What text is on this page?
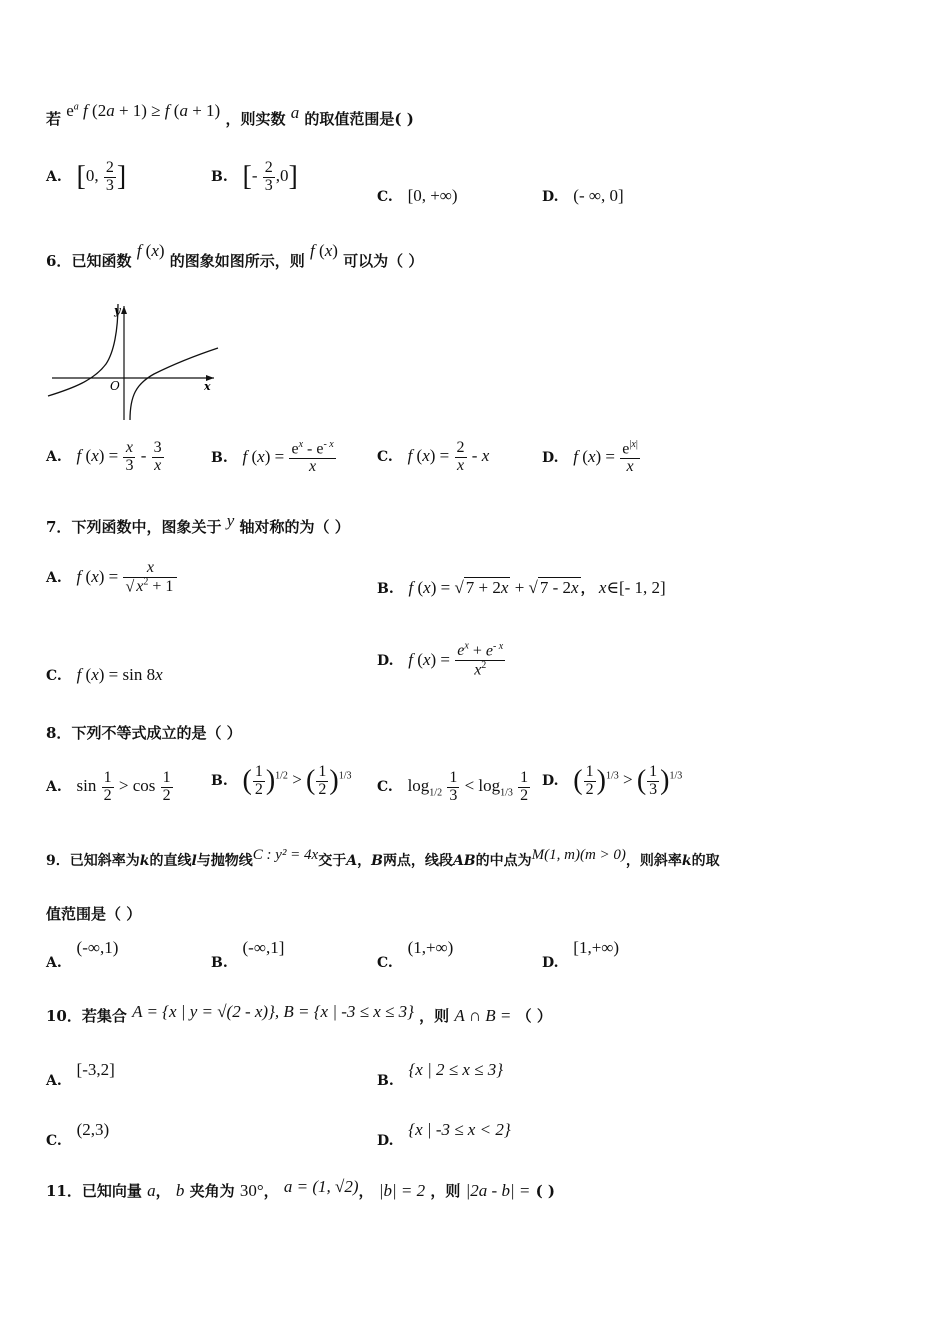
若 $e^a$ f (2a + 1) ≥ f (a + 1) ，则实数 a 的取值范围是( )
A. [0, $\frac{2}{3}$ ]	B. [- $\frac{2}{3} ,0$]
C. [0, +∞)	D. (- ∞, 0]
6．已知函数 f (x) 的图象如图所示，则 f (x) 可以为（ ）
y
x
O
A. f $(x) = \frac{x}{3} - \frac{3}{x}$	B. f $(x) = \frac{e^x - e^{- x}}{x}$	C. f $(x) = \frac{2}{x} - x$	D. f $(x) = \frac{e^{|x|}}{x}$
7．下列函数中，图象关于 y 轴对称的为（ ）
A. f $(x) = \frac{x}{√ x^2 + 1}$	B. f (x) = √ 7 + 2x + √ 7 - 2x ， x∈[- 1, 2]
C. f (x) = sin 8x
D. f $(x) = \frac{e^x + e^{- x}}{x^2}$
8．下列不等式成立的是（ ）
A. $\sin \frac{1}{2} > \cos \frac{1}{2}$	B. ( $\frac{1}{2} )^{1/2}$ > ( $\frac{1}{2} )^{1/3}$
C. $\log_{1/2} \frac{1}{3} < \log_{1/3} \frac{1}{2} D$. ( $\frac{1}{2} )^{1/3}$ > ( $\frac{1}{3} )^{1/3}$
9．已知斜率为k的直线l与抛物线C : y² = 4x交于A，B两点，线段AB的中点为M(1, m)(m > 0)，则斜率k的取
值范围是（ ）
A. (-∞,1)
B. (-∞,1]
C. (1,+∞)
D. [1,+∞)
10．若集合 A = {x | y = √(2 - x)}, B = {x | -3 ≤ x ≤ 3} ，则 A ∩ B = （ ）
A. [-3,2]
B. {x | 2 ≤ x ≤ 3}
C. (2,3)
D. {x | -3 ≤ x < 2}
11．已知向量 a， b 夹角为 30°， a = (1, √2)， |b| = 2 ，则 |2a - b| = ( )
